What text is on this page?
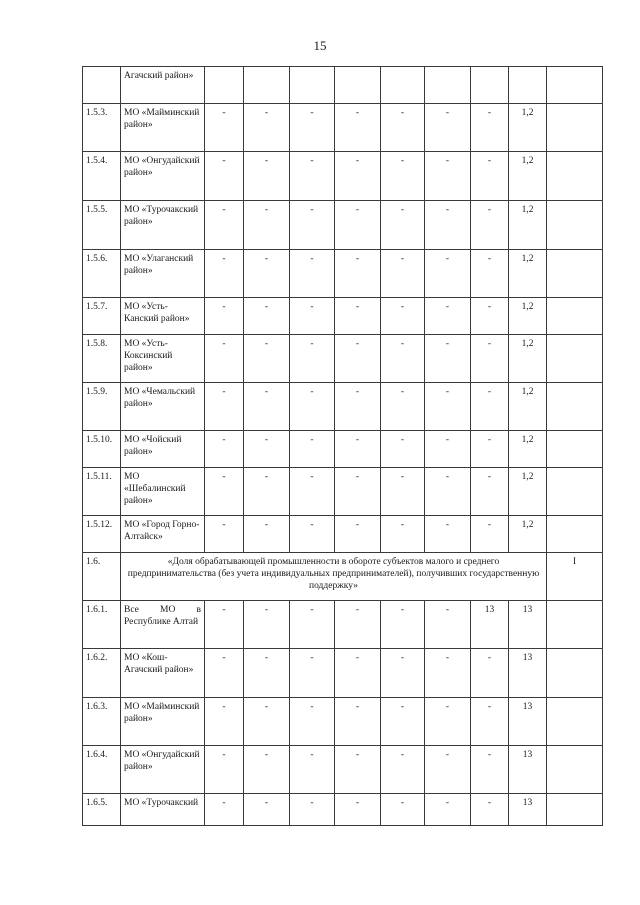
15

	Агачский район»									

1.5.3.	МО «Майминский район»	-	-	-	-	-	-	-	1,2	
1.5.4.	МО «Онгудайский район»	-	-	-	-	-	-	-	1,2	
1.5.5.	МО «Турочакский район»	-	-	-	-	-	-	-	1,2	
1.5.6.	МО «Улаганский район»	-	-	-	-	-	-	-	1,2	
1.5.7.	МО «Усть-Канский район»	-	-	-	-	-	-	-	1,2	
1.5.8.	МО «Усть-Коксинский район»	-	-	-	-	-	-	-	1,2	
1.5.9.	МО «Чемальский район»	-	-	-	-	-	-	-	1,2	
1.5.10.	МО «Чойский район»	-	-	-	-	-	-	-	1,2	
1.5.11.	МО «Шебалинский район»	-	-	-	-	-	-	-	1,2	
1.5.12.	МО «Город Горно-Алтайск»	-	-	-	-	-	-	-	1,2	
1.6.	«Доля обрабатывающей промышленности в обороте субъектов малого и среднего предпринимательства (без учета индивидуальных предпринимателей), получивших государственную поддержку»									I
1.6.1.	Все МО в Республике Алтай	-	-	-	-	-	-	13	13	
1.6.2.	МО «Кош-Агачский район»	-	-	-	-	-	-	-	13	
1.6.3.	МО «Майминский район»	-	-	-	-	-	-	-	13	
1.6.4.	МО «Онгудайский район»	-	-	-	-	-	-	-	13	
1.6.5.	МО «Турочакский	-	-	-	-	-	-	-	13	
